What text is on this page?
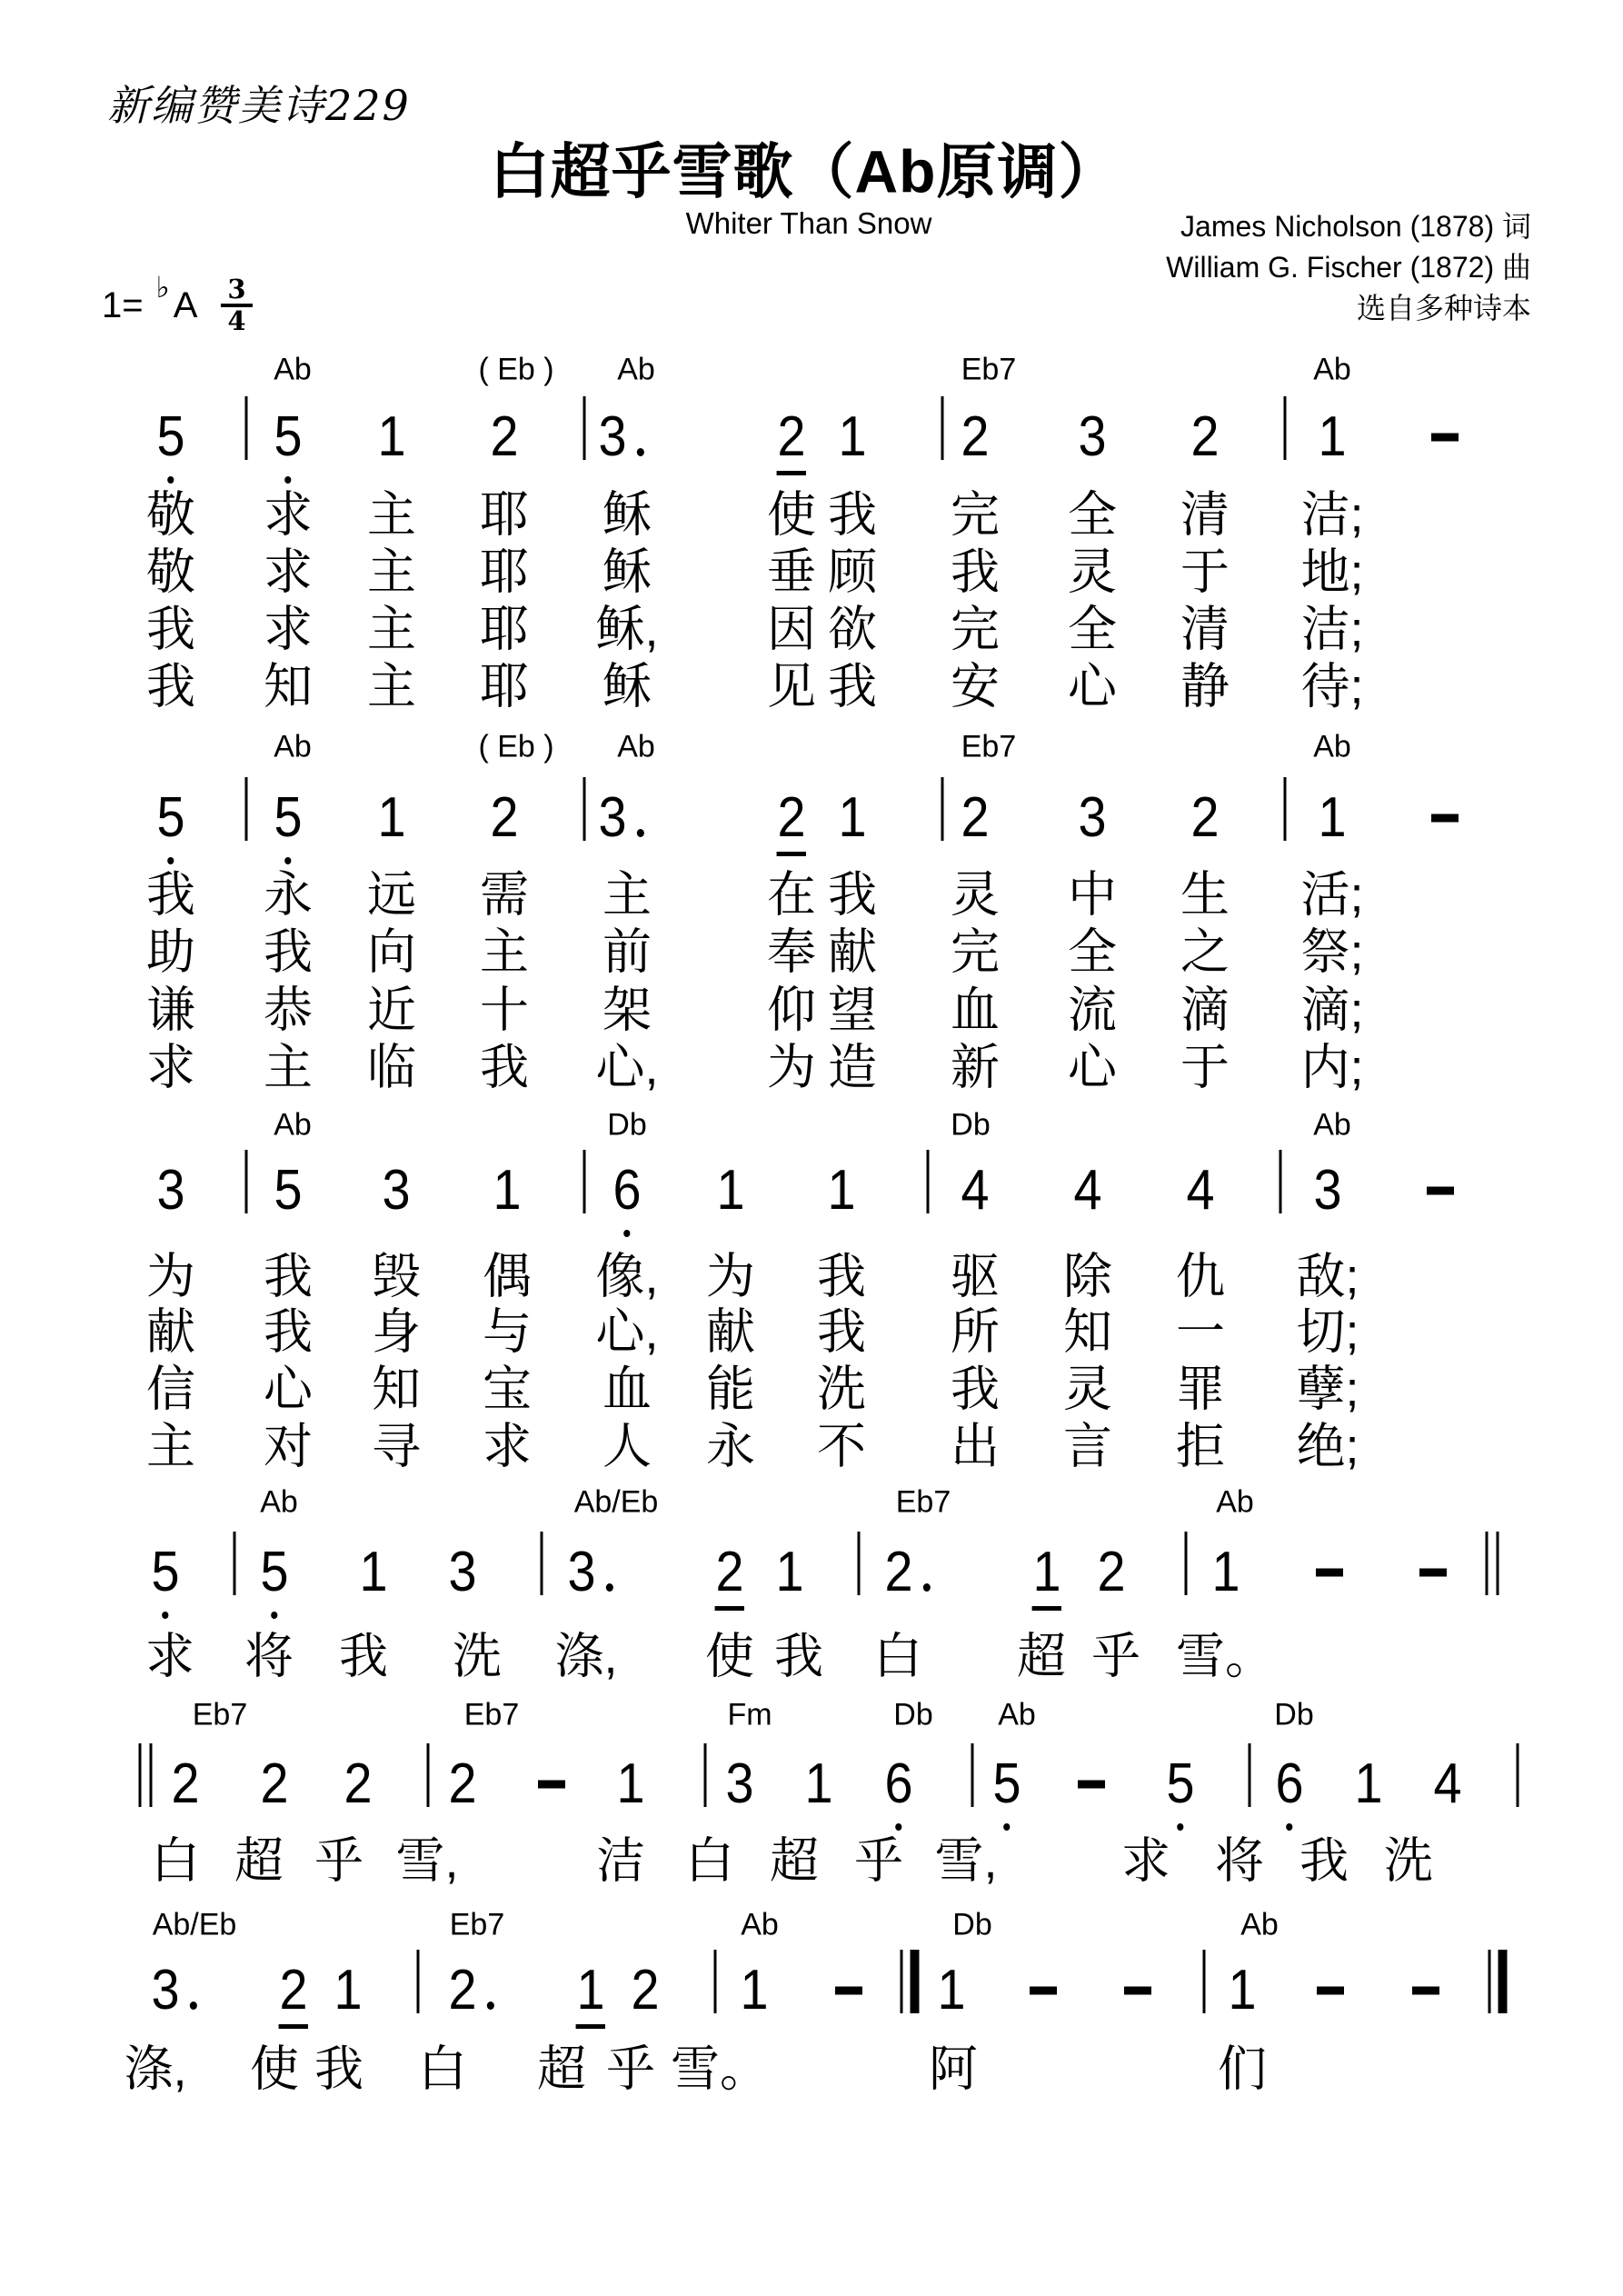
新编赞美诗229
白超乎雪歌（Ab原调）
Whiter Than Snow	James Nicholson (1878) 词
William G. Fischer (1872) 曲
选自多种诗本
1= ♭ A $\frac{3}{4}$
Ab	( Eb ) Ab	Eb7	Ab
5 5 1 2 3	2 1 2 3 2 1
敬 求 主 耶 稣 使 我 完 全 清 洁;
敬 求 主 耶 稣 垂 顾 我 灵 于 地;
我 求 主 耶 稣, 因 欲 完 全 清 洁;
我 知 主 耶 稣 见 我 安 心 静 待;
Ab	( Eb ) Ab	Eb7	Ab
5 5 1 2 3	2 1 2 3 2 1
我 永 远 需 主 在 我 灵 中 生 活;
助 我 向 主 前 奉 献 完 全 之 祭;
谦 恭 近 十 架 仰 望 血 流 滴 滴;
求 主 临 我 心, 为 造 新 心 于 内;
Ab	Db	Db	Ab
3 5 3 1 6 1 1 4 4 4 3
为 我 毁 偶 像, 为 我 驱 除 仇 敌;
献 我 身 与 心, 献 我 所 知 一 切;
信 心 知 宝 血 能 洗 我 灵 罪 孽;
主 对 寻 求 人 永 不 出 言 拒 绝;
Ab	Ab/Eb	Eb7	Ab
5 5 1 3 3 2 1 2 1 2 1
求 将 我 洗 涤, 使 我 白 超 乎 雪。
Eb7	Eb7	Fm	Db Ab	Db
2 2 2 2 1 3 1 6 5	5 6 1 4
白 超 乎 雪,	洁 白 超 乎 雪,	求 将 我 洗
Ab/Eb	Eb7	Ab	Db	Ab
3 2 1 2 1 2 1	1	1
涤, 使 我 白 超 乎 雪。	阿	们
